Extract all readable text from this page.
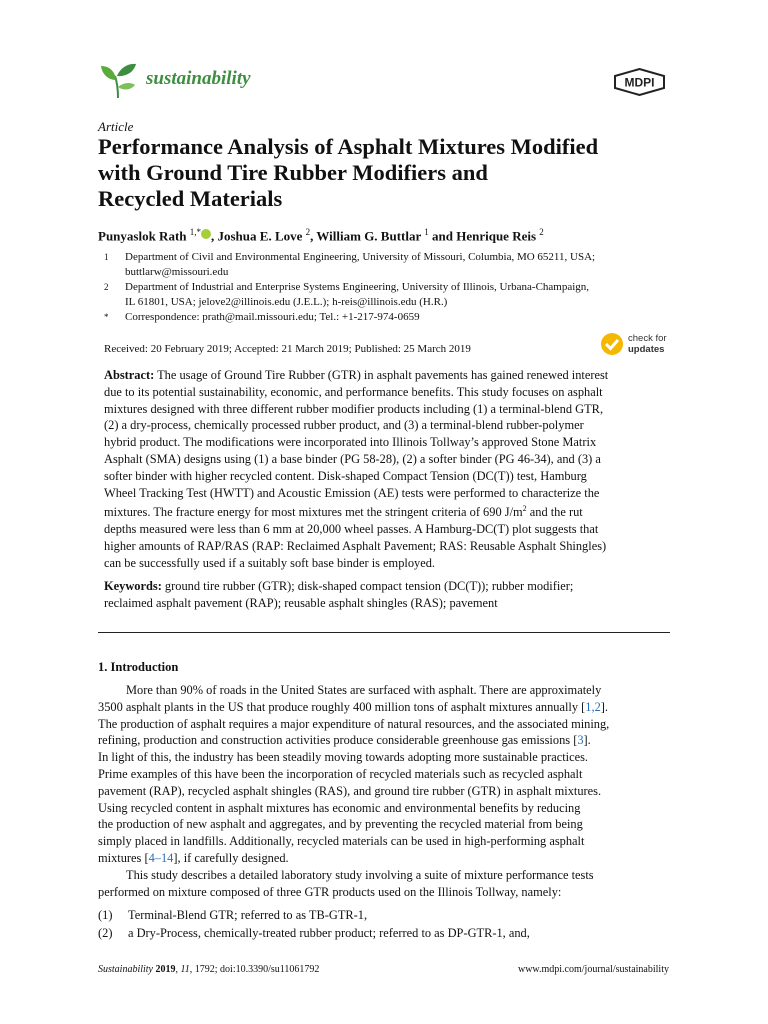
sustainability	MDPI
Article
Performance Analysis of Asphalt Mixtures Modified
with Ground Tire Rubber Modifiers and
Recycled Materials
Punyaslok Rath $^{1,*}$ , Joshua E. Love $^2$, William G. Buttlar $^1$ and Henrique Reis $^2$
1 Department of Civil and Environmental Engineering, University of Missouri, Columbia, MO 65211, USA;
buttlarw@missouri.edu
2 Department of Industrial and Enterprise Systems Engineering, University of Illinois, Urbana-Champaign,
IL 61801, USA; jelove2@illinois.edu (J.E.L.); h-reis@illinois.edu (H.R.)
* Correspondence: prath@mail.missouri.edu; Tel.: +1-217-974-0659
Received: 20 February 2019; Accepted: 21 March 2019; Published: 25 March 2019
check for
updates
Abstract: The usage of Ground Tire Rubber (GTR) in asphalt pavements has gained renewed interest
due to its potential sustainability, economic, and performance benefits. This study focuses on asphalt
mixtures designed with three different rubber modifier products including (1) a terminal-blend GTR,
(2) a dry-process, chemically processed rubber product, and (3) a terminal-blend rubber-polymer
hybrid product. The modifications were incorporated into Illinois Tollway’s approved Stone Matrix
Asphalt (SMA) designs using (1) a base binder (PG 58-28), (2) a softer binder (PG 46-34), and (3) a
softer binder with higher recycled content. Disk-shaped Compact Tension (DC(T)) test, Hamburg
Wheel Tracking Test (HWTT) and Acoustic Emission (AE) tests were performed to characterize the
mixtures. The fracture energy for most mixtures met the stringent criteria of 690 $J/m^2$ and the rut
depths measured were less than 6 mm at 20,000 wheel passes. A Hamburg-DC(T) plot suggests that
higher amounts of RAP/RAS (RAP: Reclaimed Asphalt Pavement; RAS: Reusable Asphalt Shingles)
can be successfully used if a suitably soft base binder is employed.
Keywords: ground tire rubber (GTR); disk-shaped compact tension (DC(T)); rubber modifier;
reclaimed asphalt pavement (RAP); reusable asphalt shingles (RAS); pavement
1. Introduction
More than 90% of roads in the United States are surfaced with asphalt. There are approximately
3500 asphalt plants in the US that produce roughly 400 million tons of asphalt mixtures annually [1,2].
The production of asphalt requires a major expenditure of natural resources, and the associated mining,
refining, production and construction activities produce considerable greenhouse gas emissions [3].
In light of this, the industry has been steadily moving towards adopting more sustainable practices.
Prime examples of this have been the incorporation of recycled materials such as recycled asphalt
pavement (RAP), recycled asphalt shingles (RAS), and ground tire rubber (GTR) in asphalt mixtures.
Using recycled content in asphalt mixtures has economic and environmental benefits by reducing
the production of new asphalt and aggregates, and by preventing the recycled material from being
simply placed in landfills. Additionally, recycled materials can be used in high-performing asphalt
mixtures [4–14], if carefully designed.
This study describes a detailed laboratory study involving a suite of mixture performance tests
performed on mixture composed of three GTR products used on the Illinois Tollway, namely:
(1) Terminal-Blend GTR; referred to as TB-GTR-1,
(2) a Dry-Process, chemically-treated rubber product; referred to as DP-GTR-1, and,
Sustainability 2019, 11, 1792; doi:10.3390/su11061792	www.mdpi.com/journal/sustainability
